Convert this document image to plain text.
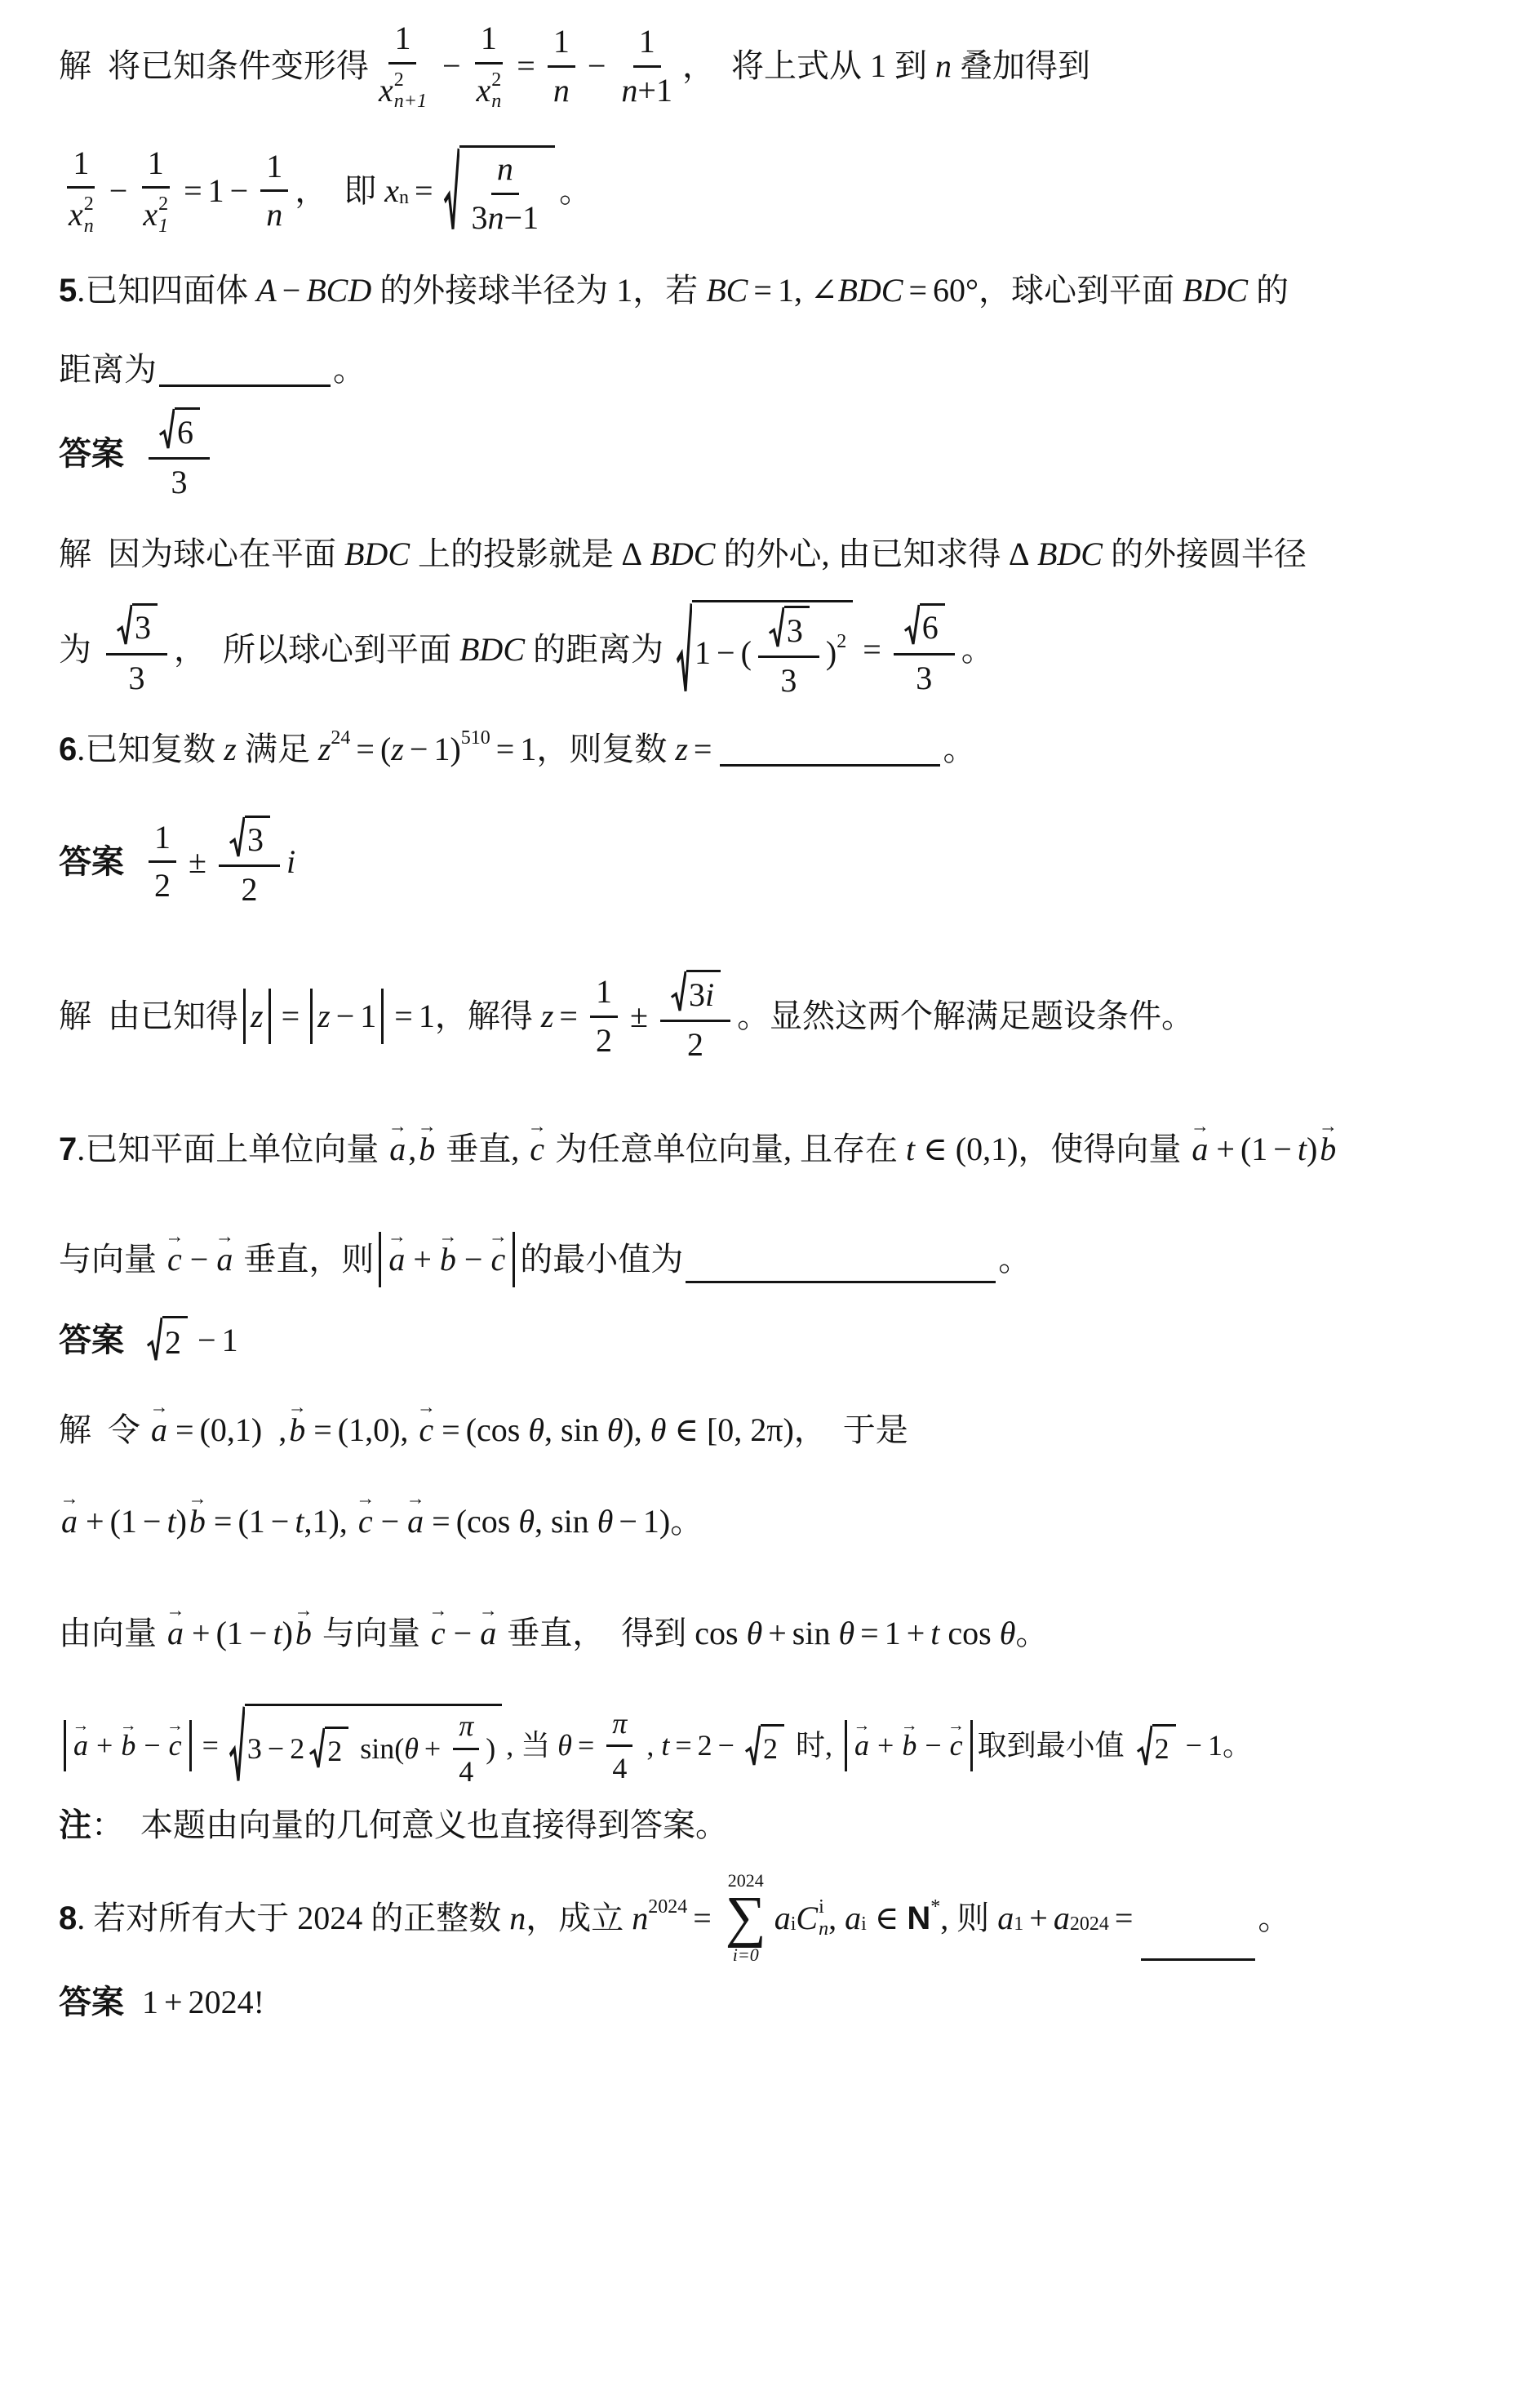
解  将已知条件变形得 1
x 2
n+1 − 1
x 2
$n = \frac{1}{n} - \frac{1}{n +1}$ ，  将上式从 1 到 n 叠加得到
1
x 2
n − 1
x 2
$1 = 1 - \frac{1}{n}$ ，  即 x $n = \frac{n}{3 n -1}$ 。
5 .已知四面体 A − BCD 的外接球半径为 1，若 BC = 1, ∠ BDC = 60°，球心到平面 BDC 的
距离为	。
答案 $\frac{6}{3}$
解  因为球心在平面 BDC 上的投影就是 ∆ BDC 的外心, 由已知求得 ∆ BDC 的外接圆半径
为 $\frac{3}{3}$ ，  所以球心到平面 BDC 的距离为 1 − ( $\frac{3}{3}$ ) $2 = \frac{6}{3}$ 。
6 .已知复数 z 满足 z 24 = ( z − 1) 510 = 1，则复数 z =	。
答案 $\frac{1}{2} \pm \frac{3}{2}$ i
解  由已知得 z = z − 1 = 1，解得 $z = \frac{1}{2} \pm \frac{3 i}{2}$ 。显然这两个解满足题设条件。
7 .已知平面上单位向量
→
a ,
→
b 垂直,
→
c 为任意单位向量, 且存在 t ∈ (0,1)，使得向量
→
a + (1 − t )
→
b
与向量
→
c −
→
a 垂直，则
→
a +
→
b −
→
c 的最小值为	。
答案 2 − 1
解  令
→
a = (0,1)  ,
→
b = (1,0),
→
c = (cos θ , sin θ ), θ ∈ [0, 2π)，  于是
→
a + (1 − t )
→
b = (1 − t ,1),
→
c −
→
a = (cos θ , sin θ − 1)。
由向量
→
a + (1 − t )
→
b 与向量
→
c −
→
a 垂直，  得到 cos θ + sin θ = 1 + t cos θ 。
→
a +
→
b −
→
c = 3 − 2 2 sin( $\theta + \frac{\pi}{4}$ ) , 当 $\theta = \frac{\pi}{4}$ , t = 2 − 2 时,
→
a +
→
b −
→
c 取到最小值 2 − 1。
注 ：  本题由向量的几何意义也直接得到答案。
8 . 若对所有大于 2024 的正整数 n ，成立 n 2024 =
2024
∑
i=0
a i C i
n , a i ∈ N * , 则 a 1 + a 2024 =	。
答案 1 + 2024!
